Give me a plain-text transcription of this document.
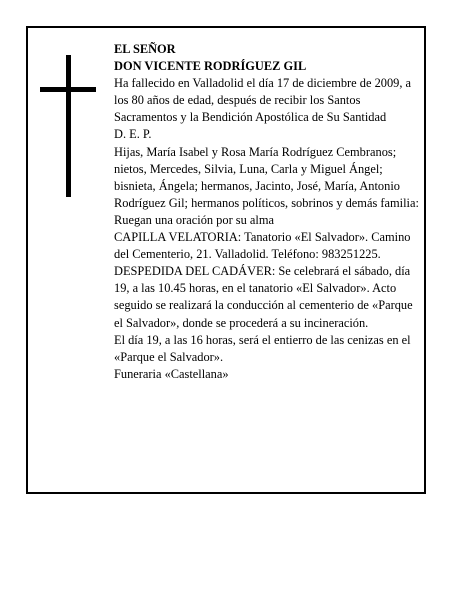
EL SEÑOR

DON VICENTE RODRÍGUEZ GIL

Ha fallecido en Valladolid el día 17 de diciembre de 2009, a los 80 años de edad, después de recibir los Santos Sacramentos y la Bendición Apostólica de Su Santidad

D. E. P.

Hijas, María Isabel y Rosa María Rodríguez Cembranos; nietos, Mercedes, Silvia, Luna, Carla y Miguel Ángel; bisnieta, Ángela; hermanos, Jacinto, José, María, Antonio Rodríguez Gil; hermanos políticos, sobrinos y demás familia:

Ruegan una oración por su alma

CAPILLA VELATORIA: Tanatorio «El Salvador». Camino del Cementerio, 21. Valladolid. Teléfono: 983251225.

DESPEDIDA DEL CADÁVER: Se celebrará el sábado, día 19, a las 10.45 horas, en el tanatorio «El Salvador». Acto seguido se realizará la conducción al cementerio de «Parque el Salvador», donde se procederá a su incineración.

El día 19, a las 16 horas, será el entierro de las cenizas en el «Parque el Salvador».

Funeraria «Castellana»
